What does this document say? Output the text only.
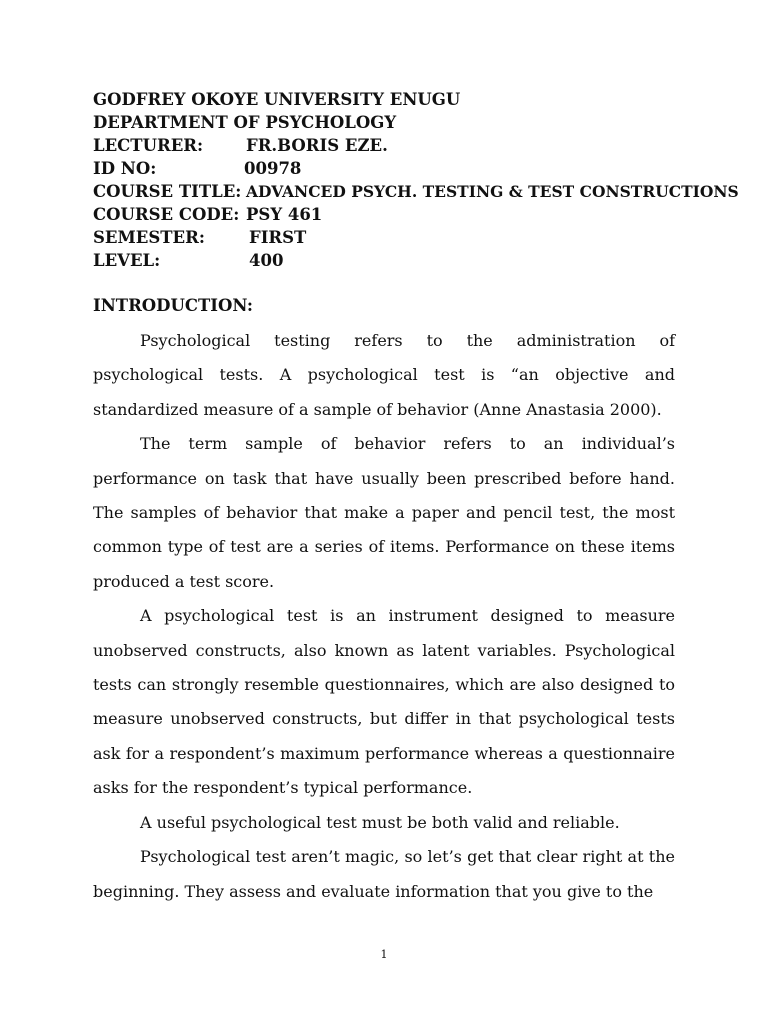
GODFREY OKOYE UNIVERSITY ENUGU
DEPARTMENT OF PSYCHOLOGY
LECTURER:	FR.BORIS EZE.
ID NO:	00978
COURSE TITLE: ADVANCED PSYCH. TESTING & TEST CONSTRUCTIONS
COURSE CODE: PSY 461
SEMESTER:	FIRST
LEVEL:	400
INTRODUCTION:

Psychological testing refers to the administration of psychological tests. A psychological test is “an objective and standardized measure of a sample of behavior (Anne Anastasia 2000).

The term sample of behavior refers to an individual’s performance on task that have usually been prescribed before hand. The samples of behavior that make a paper and pencil test, the most common type of test are a series of items. Performance on these items produced a test score.

A psychological test is an instrument designed to measure unobserved constructs, also known as latent variables. Psychological tests can strongly resemble questionnaires, which are also designed to measure unobserved constructs, but differ in that psychological tests ask for a respondent’s maximum performance whereas a questionnaire asks for the respondent’s typical performance.

A useful psychological test must be both valid and reliable.

Psychological test aren’t magic, so let’s get that clear right at the beginning. They assess and evaluate information that you give to the

1
